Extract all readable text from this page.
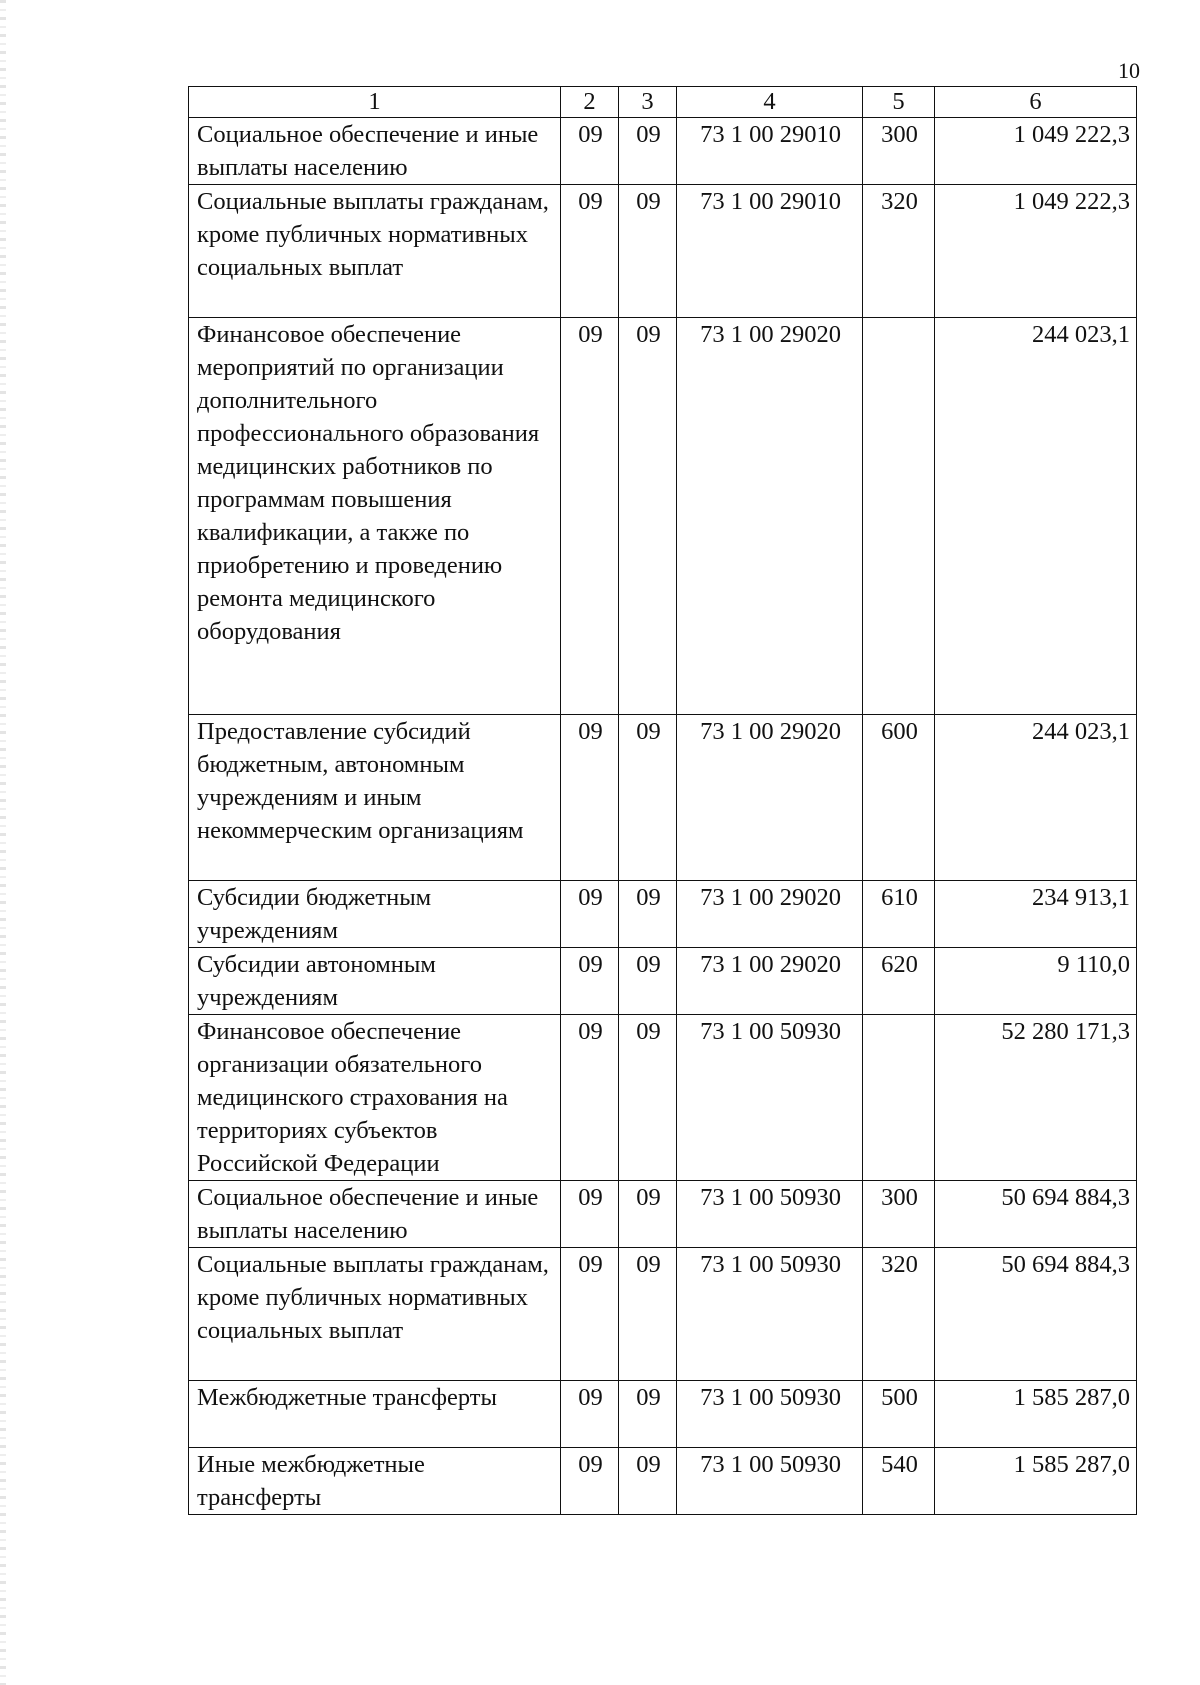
10
1	2	3	4	5	6
Социальное обеспечение и иные выплаты населению	09	09	73 1 00 29010	300	1 049 222,3
Социальные выплаты гражданам, кроме публичных нормативных социальных выплат	09	09	73 1 00 29010	320	1 049 222,3
Финансовое обеспечение мероприятий по организации дополнительного профессионального образования медицинских работников по программам повышения квалификации, а также по приобретению и проведению ремонта медицинского оборудования	09	09	73 1 00 29020		244 023,1
Предоставление субсидий бюджетным, автономным учреждениям и иным некоммерческим организациям	09	09	73 1 00 29020	600	244 023,1
Субсидии бюджетным учреждениям	09	09	73 1 00 29020	610	234 913,1
Субсидии автономным учреждениям	09	09	73 1 00 29020	620	9 110,0
Финансовое обеспечение организации обязательного медицинского страхования на территориях субъектов Российской Федерации	09	09	73 1 00 50930		52 280 171,3
Социальное обеспечение и иные выплаты населению	09	09	73 1 00 50930	300	50 694 884,3
Социальные выплаты гражданам, кроме публичных нормативных социальных выплат	09	09	73 1 00 50930	320	50 694 884,3
Межбюджетные трансферты	09	09	73 1 00 50930	500	1 585 287,0
Иные межбюджетные трансферты	09	09	73 1 00 50930	540	1 585 287,0
